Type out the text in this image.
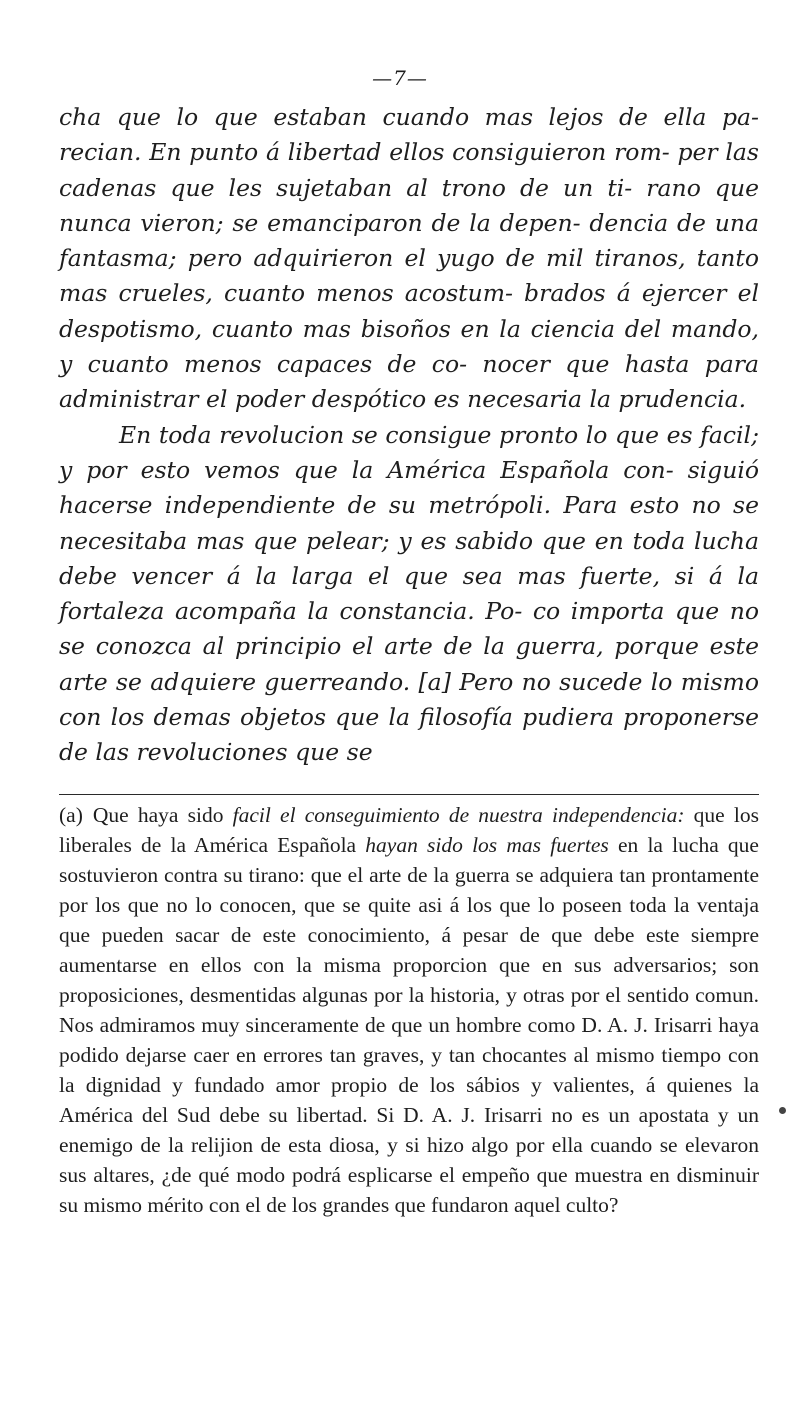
—7—

cha que lo que estaban cuando mas lejos de ella pa- recian. En punto á libertad ellos consiguieron rom- per las cadenas que les sujetaban al trono de un ti- rano que nunca vieron; se emanciparon de la depen- dencia de una fantasma; pero adquirieron el yugo de mil tiranos, tanto mas crueles, cuanto menos acostum- brados á ejercer el despotismo, cuanto mas bisoños en la ciencia del mando, y cuanto menos capaces de co- nocer que hasta para administrar el poder despótico es necesaria la prudencia.

En toda revolucion se consigue pronto lo que es facil; y por esto vemos que la América Española con- siguió hacerse independiente de su metrópoli. Para esto no se necesitaba mas que pelear; y es sabido que en toda lucha debe vencer á la larga el que sea mas fuerte, si á la fortaleza acompaña la constancia. Po- co importa que no se conozca al principio el arte de la guerra, porque este arte se adquiere guerreando. [a] Pero no sucede lo mismo con los demas objetos que la filosofía pudiera proponerse de las revoluciones que se

(a) Que haya sido facil el conseguimiento de nuestra independencia: que los liberales de la América Española hayan sido los mas fuertes en la lucha que sostuvieron contra su tirano: que el arte de la guerra se adquiera tan prontamente por los que no lo conocen, que se quite asi á los que lo poseen toda la ventaja que pueden sacar de este conocimiento, á pesar de que debe este siempre aumentarse en ellos con la misma proporcion que en sus adversarios; son proposiciones, desmentidas algunas por la historia, y otras por el sentido comun. Nos admiramos muy sinceramente de que un hombre como D. A. J. Irisarri haya podido dejarse caer en errores tan graves, y tan chocantes al mismo tiempo con la dignidad y fundado amor propio de los sábios y valientes, á quienes la América del Sud debe su libertad. Si D. A. J. Irisarri no es un apostata y un enemigo de la relijion de esta diosa, y si hizo algo por ella cuando se elevaron sus altares, ¿de qué modo podrá esplicarse el empeño que muestra en disminuir su mismo mérito con el de los grandes que fundaron aquel culto?
